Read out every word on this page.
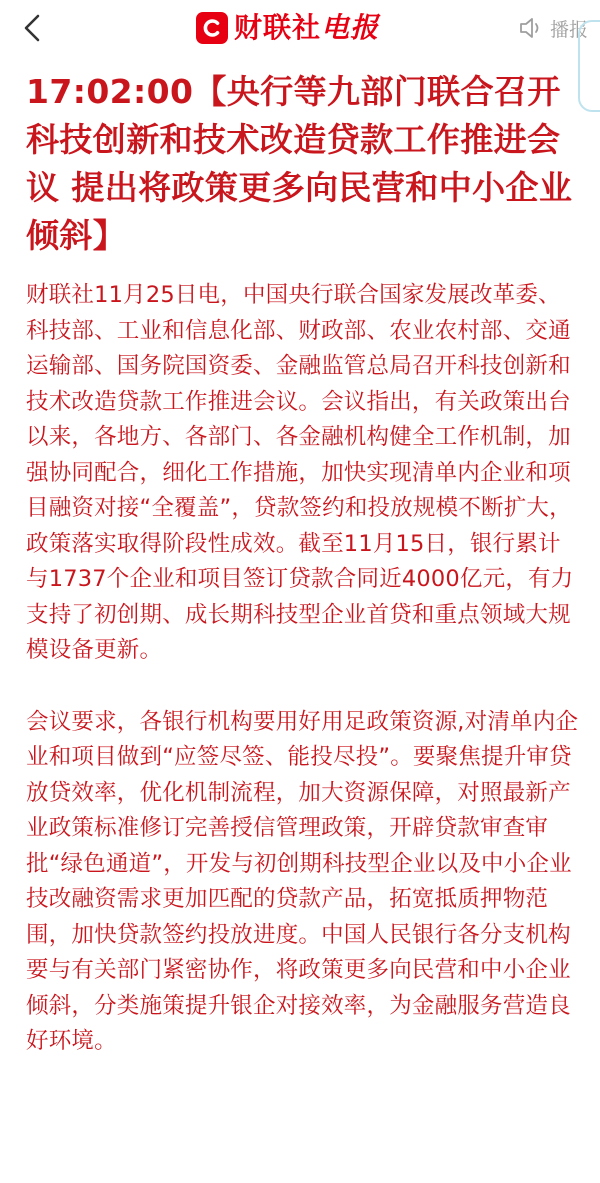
财联社 电报	播报
17:02:00【央行等九部门联合召开科技创新和技术改造贷款工作推进会议 提出将政策更多向民营和中小企业倾斜】

财联社11月25日电，中国央行联合国家发展改革委、科技部、工业和信息化部、财政部、农业农村部、交通运输部、国务院国资委、金融监管总局召开科技创新和技术改造贷款工作推进会议。会议指出，有关政策出台以来，各地方、各部门、各金融机构健全工作机制，加强协同配合，细化工作措施，加快实现清单内企业和项目融资对接“全覆盖”，贷款签约和投放规模不断扩大，政策落实取得阶段性成效。截至11月15日，银行累计与1737个企业和项目签订贷款合同近4000亿元，有力支持了初创期、成长期科技型企业首贷和重点领域大规模设备更新。

会议要求，各银行机构要用好用足政策资源,对清单内企业和项目做到“应签尽签、能投尽投”。要聚焦提升审贷放贷效率，优化机制流程，加大资源保障，对照最新产业政策标准修订完善授信管理政策，开辟贷款审查审批“绿色通道”，开发与初创期科技型企业以及中小企业技改融资需求更加匹配的贷款产品，拓宽抵质押物范围，加快贷款签约投放进度。中国人民银行各分支机构要与有关部门紧密协作，将政策更多向民营和中小企业倾斜，分类施策提升银企对接效率，为金融服务营造良好环境。
